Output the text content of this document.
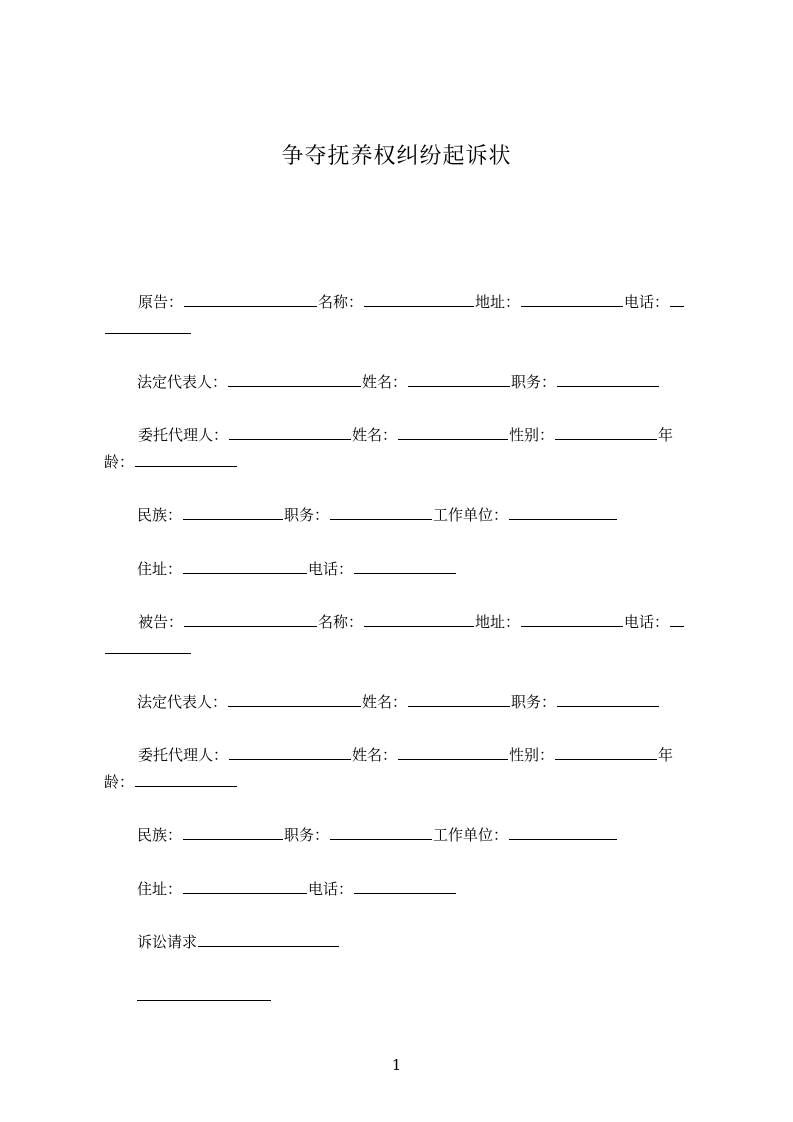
争夺抚养权纠纷起诉状
原告：	名称：	地址：	电话：
法定代表人：	姓名：	职务：
委托代理人：	姓名：	性别：	年
龄：
民族：	职务：	工作单位：
住址：	电话：
被告：	名称：	地址：	电话：
法定代表人：	姓名：	职务：
委托代理人：	姓名：	性别：	年
龄：
民族：	职务：	工作单位：
住址：	电话：
诉讼请求
1
